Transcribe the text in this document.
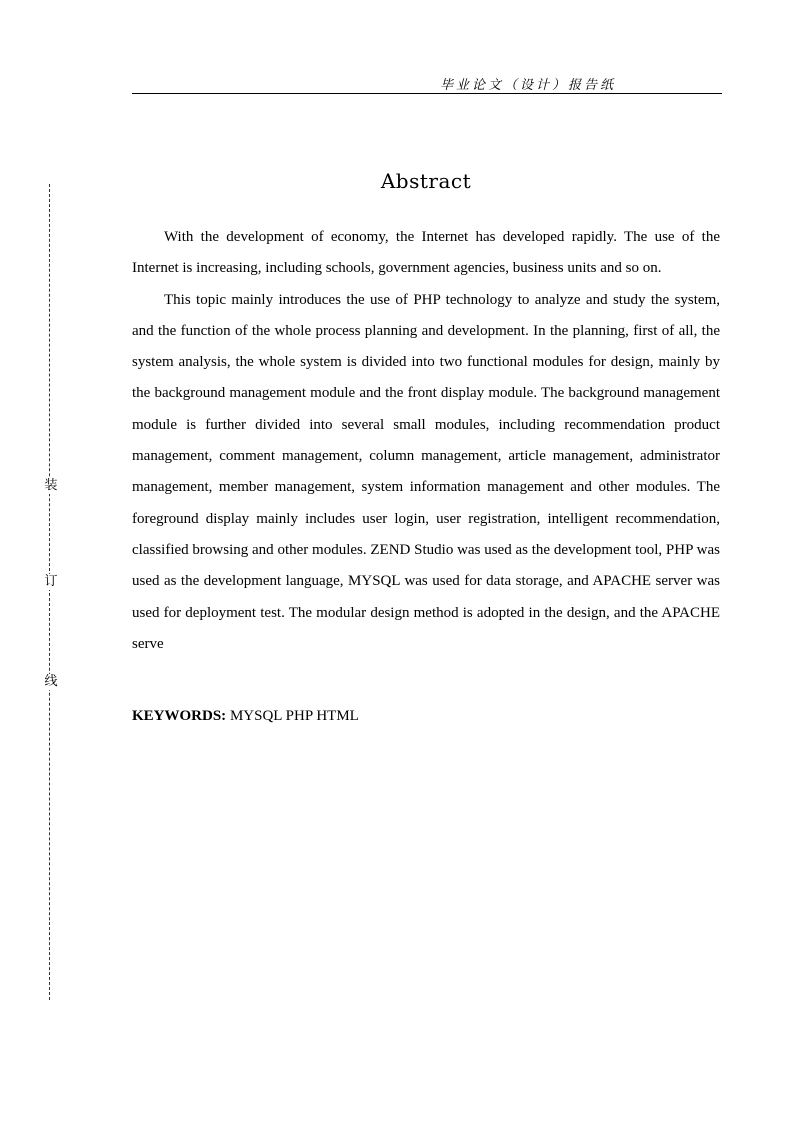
毕业论文（设计）报告纸
装
订
线
Abstract

With the development of economy, the Internet has developed rapidly. The use of the Internet is increasing, including schools, government agencies, business units and so on.

This topic mainly introduces the use of PHP technology to analyze and study the system, and the function of the whole process planning and development. In the planning, first of all, the system analysis, the whole system is divided into two functional modules for design, mainly by the background management module and the front display module. The background management module is further divided into several small modules, including recommendation product management, comment management, column management, article management, administrator management, member management, system information management and other modules. The foreground display mainly includes user login, user registration, intelligent recommendation, classified browsing and other modules. ZEND Studio was used as the development tool, PHP was used as the development language, MYSQL was used for data storage, and APACHE server was used for deployment test. The modular design method is adopted in the design, and the APACHE serve

KEYWORDS: MYSQL PHP HTML
